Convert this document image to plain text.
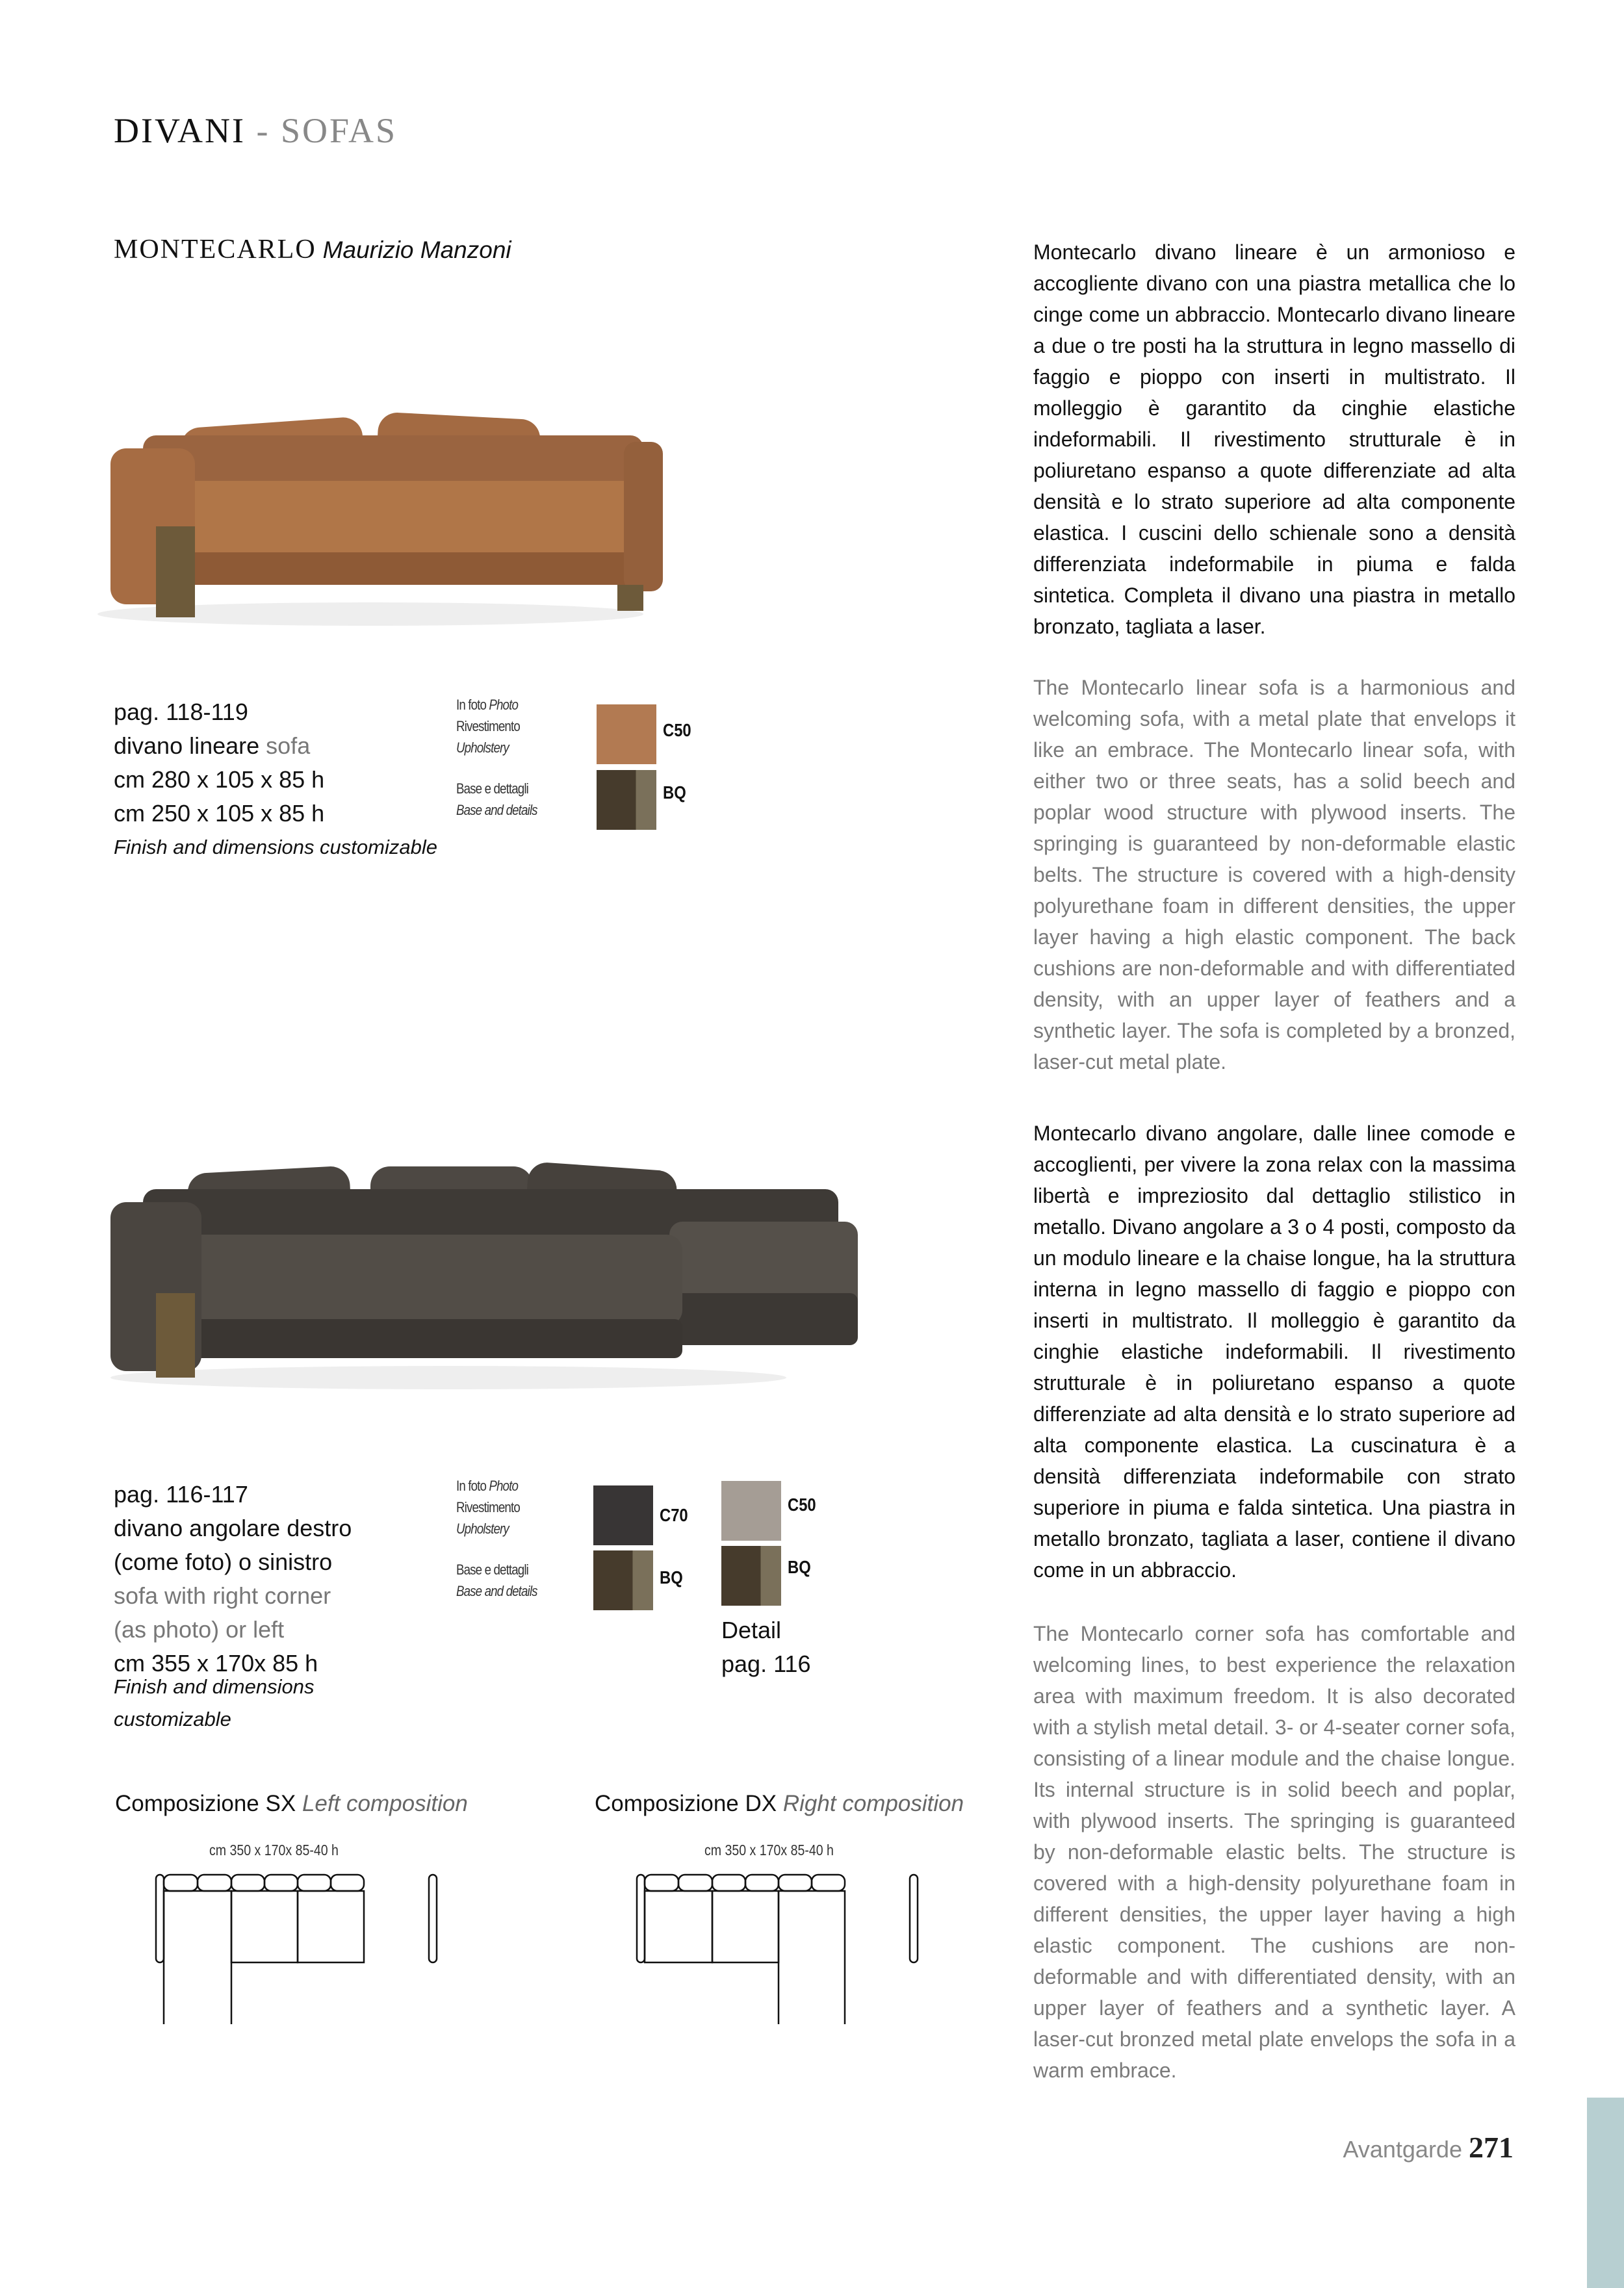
DIVANI - SOFAS
MONTECARLO Maurizio Manzoni
pag. 118-119
divano lineare sofa
cm 280 x 105 x 85 h
cm 250 x 105 x 85 h
Finish and dimensions customizable
In foto Photo
Rivestimento
Upholstery
Base e dettagli
Base and details
C50
BQ
pag. 116-117
divano angolare destro
(come foto) o sinistro
sofa with right corner
(as photo) or left
cm 355 x 170x 85 h
Finish and dimensions
customizable
In foto Photo
Rivestimento
Upholstery
Base e dettagli
Base and details
C70
BQ
C50
BQ
Detail
pag. 116
Composizione SX Left composition	Composizione DX Right composition
cm 350 x 170x 85-40 h	cm 350 x 170x 85-40 h
Montecarlo divano lineare è un armonioso e accogliente divano con una piastra metallica che lo cinge come un abbraccio. Montecarlo divano lineare a due o tre posti ha la struttura in legno massello di faggio e pioppo con inserti in multistrato. Il molleggio è garantito da cinghie elastiche indeformabili. Il rivestimento strutturale è in poliuretano espanso a quote differenziate ad alta densità e lo strato superiore ad alta componente elastica. I cuscini dello schienale sono a densità differenziata indeformabile in piuma e falda sintetica. Completa il divano una piastra in metallo bronzato, tagliata a laser.
The Montecarlo linear sofa is a harmonious and welcoming sofa, with a metal plate that envelops it like an embrace. The Montecarlo linear sofa, with either two or three seats, has a solid beech and poplar wood structure with plywood inserts. The springing is guaranteed by non-deformable elastic belts. The structure is covered with a high-density polyurethane foam in different densities, the upper layer having a high elastic component. The back cushions are non-deformable and with differentiated density, with an upper layer of feathers and a synthetic layer. The sofa is completed by a bronzed, laser-cut metal plate.
Montecarlo divano angolare, dalle linee comode e accoglienti, per vivere la zona relax con la massima libertà e impreziosito dal dettaglio stilistico in metallo. Divano angolare a 3 o 4 posti, composto da un modulo lineare e la chaise longue, ha la struttura interna in legno massello di faggio e pioppo con inserti in multistrato. Il molleggio è garantito da cinghie elastiche indeformabili. Il rivestimento strutturale è in poliuretano espanso a quote differenziate ad alta densità e lo strato superiore ad alta componente elastica. La cuscinatura è a densità differenziata indeformabile con strato superiore in piuma e falda sintetica. Una piastra in metallo bronzato, tagliata a laser, contiene il divano come in un abbraccio.
The Montecarlo corner sofa has comfortable and welcoming lines, to best experience the relaxation area with maximum freedom. It is also decorated with a stylish metal detail. 3- or 4-seater corner sofa, consisting of a linear module and the chaise longue. Its internal structure is in solid beech and poplar, with plywood inserts. The springing is guaranteed by non-deformable elastic belts. The structure is covered with a high-density polyurethane foam in different densities, the upper layer having a high elastic component. The cushions are non-deformable and with differentiated density, with an upper layer of feathers and a synthetic layer. A laser-cut bronzed metal plate envelops the sofa in a warm embrace.
Avantgarde 271
